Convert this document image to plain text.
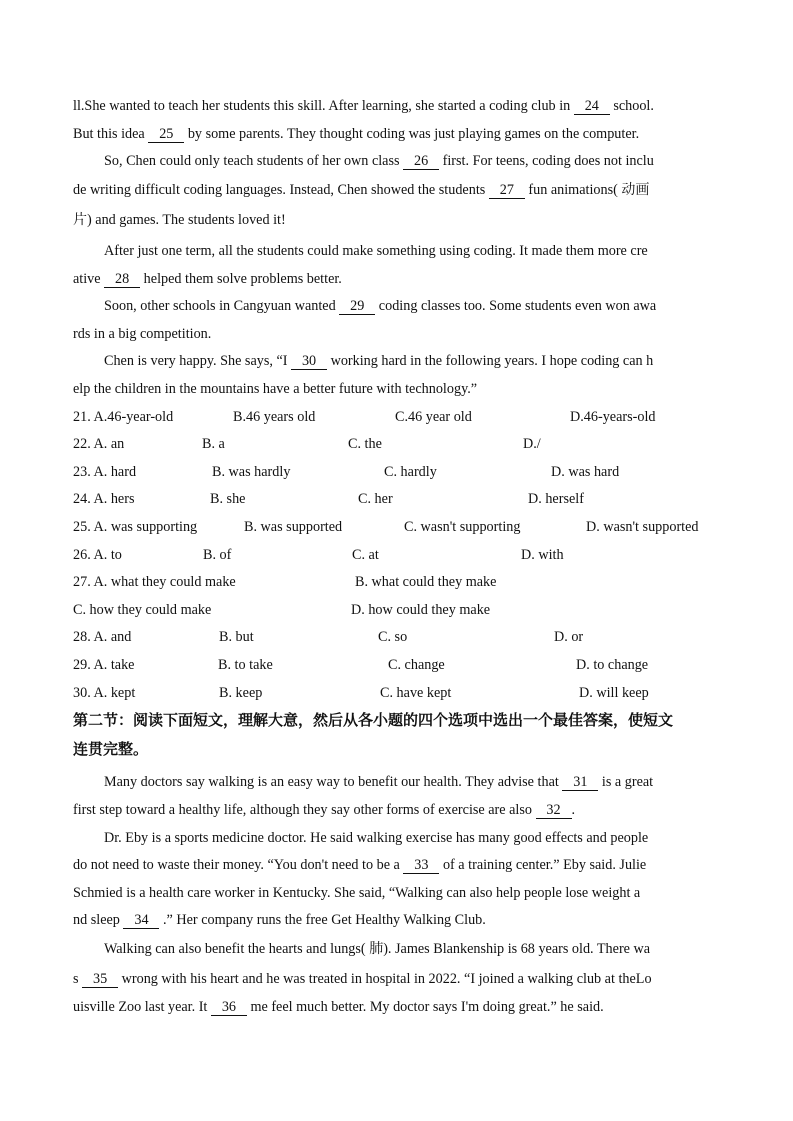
ll.She wanted to teach her students this skill. After learning, she started a coding club in 24 school.
But this idea 25 by some parents. They thought coding was just playing games on the computer.
So, Chen could only teach students of her own class 26 first. For teens, coding does not inclu
de writing difficult coding languages. Instead, Chen showed the students 27 fun animations( 动画
片) and games. The students loved it!
After just one term, all the students could make something using coding. It made them more cre
ative 28 helped them solve problems better.
Soon, other schools in Cangyuan wanted 29 coding classes too. Some students even won awa
rds in a big competition.
Chen is very happy. She says, “I 30 working hard in the following years. I hope coding can h
elp the children in the mountains have a better future with technology.”
21. A.46-year-old	B.46 years old	C.46 year old	D.46-years-old
22. A. an	B. a	C. the	D./
23. A. hard	B. was hardly	C. hardly	D. was hard
24. A. hers	B. she	C. her	D. herself
25. A. was supporting	B. was supported	C. wasn't supporting	D. wasn't supported
26. A. to	B. of	C. at	D. with
27. A. what they could make	B. what could they make
C. how they could make	D. how could they make
28. A. and	B. but	C. so	D. or
29. A. take	B. to take	C. change	D. to change
30. A. kept	B. keep	C. have kept	D. will keep
第二节：阅读下面短文，理解大意，然后从各小题的四个选项中选出一个最佳答案，使短文
连贯完整。
Many doctors say walking is an easy way to benefit our health. They advise that 31 is a great
first step toward a healthy life, although they say other forms of exercise are also 32 .
Dr. Eby is a sports medicine doctor. He said walking exercise has many good effects and people
do not need to waste their money. “You don't need to be a 33 of a training center.” Eby said. Julie
Schmied is a health care worker in Kentucky. She said, “Walking can also help people lose weight a
nd sleep 34 .” Her company runs the free Get Healthy Walking Club.
Walking can also benefit the hearts and lungs( 肺). James Blankenship is 68 years old. There wa
s 35 wrong with his heart and he was treated in hospital in 2022. “I joined a walking club at theLo
uisville Zoo last year. It 36 me feel much better. My doctor says I'm doing great.” he said.
